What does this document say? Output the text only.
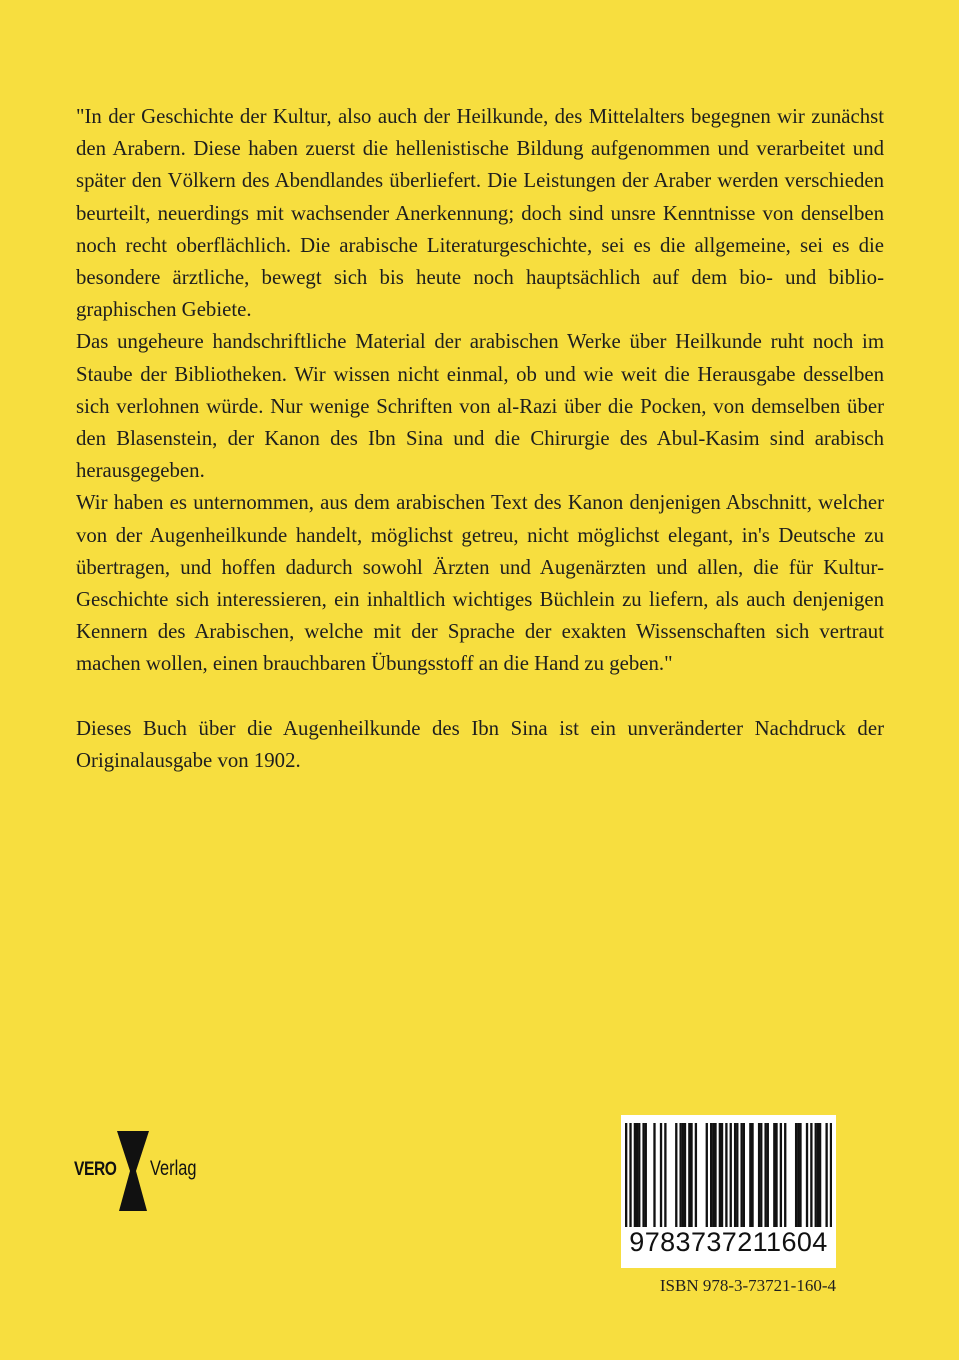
"In der Geschichte der Kultur, also auch der Heilkunde, des Mittelalters begegnen wir zunächst den Arabern. Diese haben zuerst die hellenistische Bildung aufgenommen und verarbeitet und später den Völkern des Abendlandes überliefert. Die Leistungen der Araber werden verschieden beurteilt, neuerdings mit wachsender Anerkennung; doch sind unsre Kenntnisse von denselben noch recht oberflächlich. Die arabische Literaturgeschichte, sei es die allgemeine, sei es die besondere ärztliche, bewegt sich bis heute noch hauptsächlich auf dem bio- und biblio-graphischen Gebiete.

Das ungeheure handschriftliche Material der arabischen Werke über Heilkunde ruht noch im Staube der Bibliotheken. Wir wissen nicht einmal, ob und wie weit die Herausgabe desselben sich verlohnen würde. Nur wenige Schriften von al-Razi über die Pocken, von demselben über den Blasenstein, der Kanon des Ibn Sina und die Chirurgie des Abul-Kasim sind arabisch herausgegeben.

Wir haben es unternommen, aus dem arabischen Text des Kanon denjenigen Abschnitt, welcher von der Augenheilkunde handelt, möglichst getreu, nicht möglichst elegant, in's Deutsche zu übertragen, und hoffen dadurch sowohl Ärzten und Augenärzten und allen, die für Kultur-Geschichte sich interessieren, ein inhaltlich wichtiges Büchlein zu liefern, als auch denjenigen Kennern des Arabischen, welche mit der Sprache der exakten Wissenschaften sich vertraut machen wollen, einen brauchbaren Übungsstoff an die Hand zu geben."

Dieses Buch über die Augenheilkunde des Ibn Sina ist ein unveränderter Nachdruck der Originalausgabe von 1902.

VERO Verlag
9783737211604
ISBN 978-3-73721-160-4
